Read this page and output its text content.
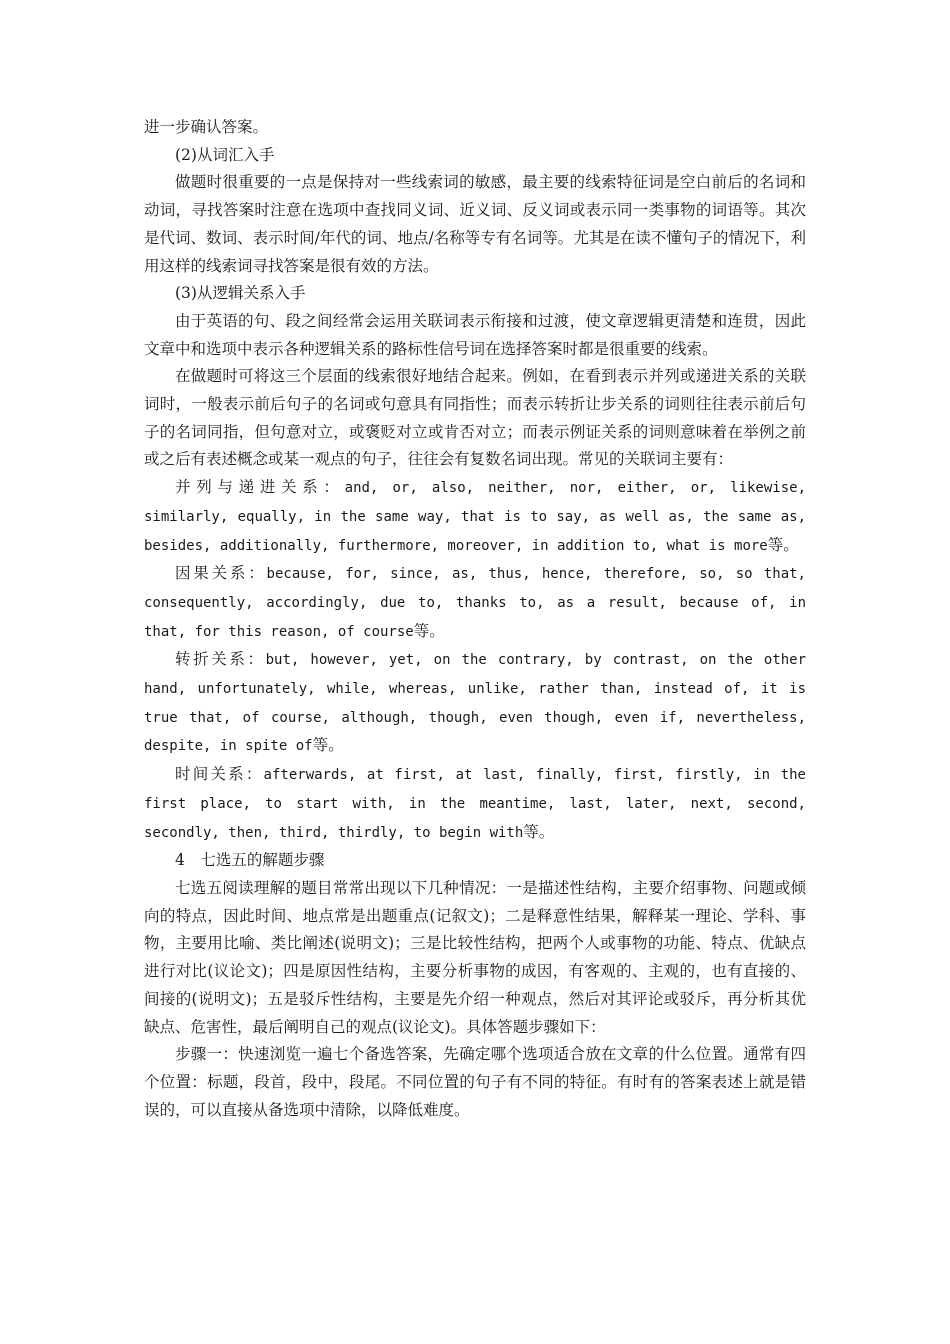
进一步确认答案。

(2)从词汇入手

做题时很重要的一点是保持对一些线索词的敏感，最主要的线索特征词是空白前后的名词和动词，寻找答案时注意在选项中查找同义词、近义词、反义词或表示同一类事物的词语等。其次是代词、数词、表示时间/年代的词、地点/名称等专有名词等。尤其是在读不懂句子的情况下，利用这样的线索词寻找答案是很有效的方法。

(3)从逻辑关系入手

由于英语的句、段之间经常会运用关联词表示衔接和过渡，使文章逻辑更清楚和连贯，因此文章中和选项中表示各种逻辑关系的路标性信号词在选择答案时都是很重要的线索。

在做题时可将这三个层面的线索很好地结合起来。例如，在看到表示并列或递进关系的关联词时，一般表示前后句子的名词或句意具有同指性；而表示转折让步关系的词则往往表示前后句子的名词同指，但句意对立，或褒贬对立或肯否对立；而表示例证关系的词则意味着在举例之前或之后有表述概念或某一观点的句子，往往会有复数名词出现。常见的关联词主要有：

并列与递进关系：and, or, also, neither, nor, either, or, likewise, similarly, equally, in the same way, that is to say, as well as, the same as, besides, additionally, furthermore, moreover, in addition to, what is more等。

因果关系：because, for, since, as, thus, hence, therefore, so, so that, consequently, accordingly, due to, thanks to, as a result, because of, in that, for this reason, of course等。

转折关系：but, however, yet, on the contrary, by contrast, on the other hand, unfortunately, while, whereas, unlike, rather than, instead of, it is true that, of course, although, though, even though, even if, nevertheless, despite, in spite of等。

时间关系：afterwards, at first, at last, finally, first, firstly, in the first place, to start with, in the meantime, last, later, next, second, secondly, then, third, thirdly, to begin with等。

4　七选五的解题步骤

七选五阅读理解的题目常常出现以下几种情况：一是描述性结构，主要介绍事物、问题或倾向的特点，因此时间、地点常是出题重点(记叙文)；二是释意性结果，解释某一理论、学科、事物，主要用比喻、类比阐述(说明文)；三是比较性结构，把两个人或事物的功能、特点、优缺点进行对比(议论文)；四是原因性结构，主要分析事物的成因，有客观的、主观的，也有直接的、间接的(说明文)；五是驳斥性结构，主要是先介绍一种观点，然后对其评论或驳斥，再分析其优缺点、危害性，最后阐明自己的观点(议论文)。具体答题步骤如下：

步骤一：快速浏览一遍七个备选答案，先确定哪个选项适合放在文章的什么位置。通常有四个位置：标题，段首，段中，段尾。不同位置的句子有不同的特征。有时有的答案表述上就是错误的，可以直接从备选项中清除，以降低难度。
